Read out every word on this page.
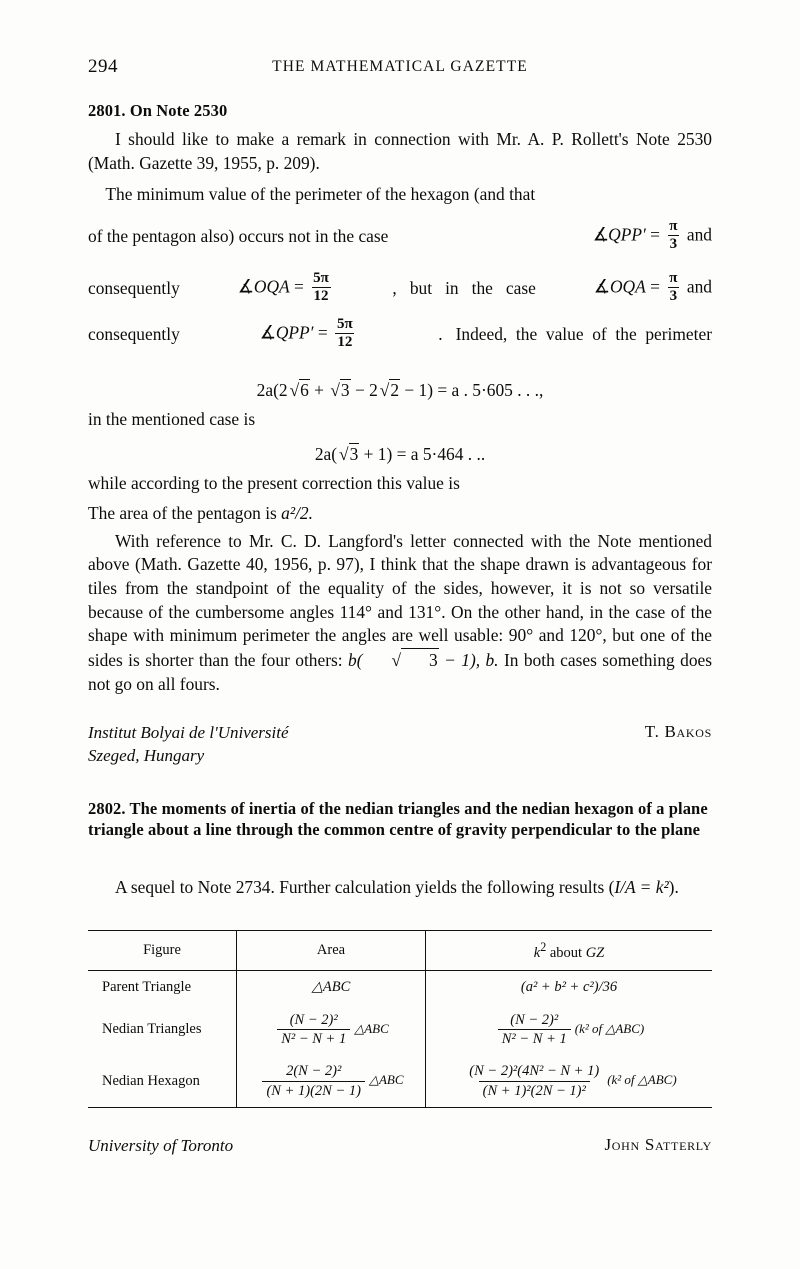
294	THE MATHEMATICAL GAZETTE
2801. On Note 2530

I should like to make a remark in connection with Mr. A. P. Rollett's Note 2530 (Math. Gazette 39, 1955, p. 209).

The minimum value of the perimeter of the hexagon (and that
of the pentagon also) occurs not in the case	∡QPP′ = $\frac{\pi}{3}$ and
consequently	∡OQA = $\frac{5\pi}{12}$	,   but   in   the   case	∡OQA = $\frac{\pi}{3}$ and
consequently	∡QPP′ = $\frac{5\pi}{12}$	.   Indeed,  the  value  of  the  perimeter

in the mentioned case is

2a(2 √6 + √3 − 2 √2 − 1) = a . 5·605 . . .,

while according to the present correction this value is

2a( √3 + 1) = a 5·464 . ..

The area of the pentagon is a²/2.

With reference to Mr. C. D. Langford's letter connected with the Note mentioned above (Math. Gazette 40, 1956, p. 97), I think that the shape drawn is advantageous for tiles from the standpoint of the equality of the sides, however, it is not so versatile because of the cumbersome angles 114° and 131°. On the other hand, in the case of the shape with minimum perimeter the angles are well usable: 90° and 120°, but one of the sides is shorter than the four others: b( √ 3 − 1), b. In both cases something does not go on all fours.

Institut Bolyai de l'Université
Szeged, Hungary
T. Bakos
2802. The moments of inertia of the nedian triangles and the nedian hexagon of a plane triangle about a line through the common centre of gravity perpendicular to the plane

A sequel to Note 2734. Further calculation yields the following results (I/A = k²).

Figure	Area	$k^2$ about GZ
Parent Triangle	△ABC	(a² + b² + c²)/36

Nedian Triangles	(N − 2)²
N² − N + 1
△ABC	(N − 2)²
N² − N + 1
(k² of △ABC)

Nedian Hexagon	2(N − 2)²
(N + 1)(2N − 1)
△ABC	(N − 2)²(4N² − N + 1)
(N + 1)²(2N − 1)²
(k² of △ABC)
University of Toronto	John Satterly
